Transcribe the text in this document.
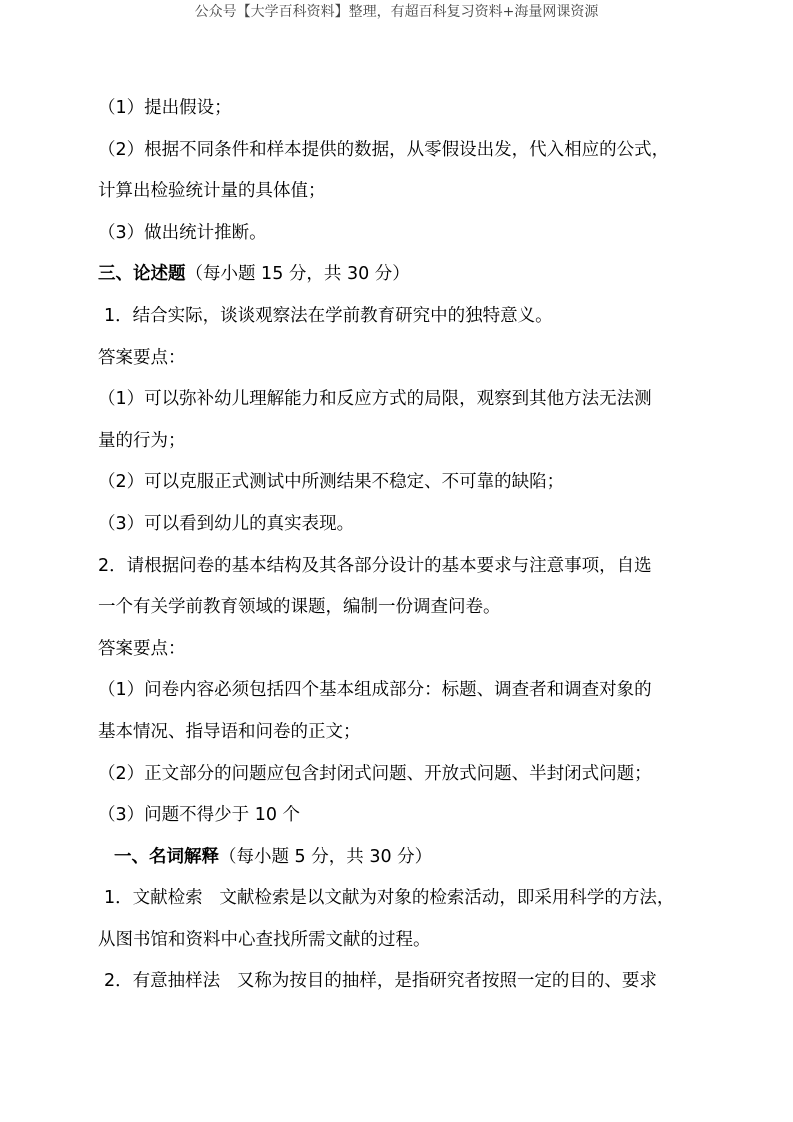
公众号【大学百科资料】整理，有超百科复习资料+海量网课资源
（1）提出假设；
（2）根据不同条件和样本提供的数据，从零假设出发，代入相应的公式，
计算出检验统计量的具体值；
（3）做出统计推断。
三、论述题（每小题 15 分，共 30 分）
1．结合实际，谈谈观察法在学前教育研究中的独特意义。
答案要点：
（1）可以弥补幼儿理解能力和反应方式的局限，观察到其他方法无法测
量的行为；
（2）可以克服正式测试中所测结果不稳定、不可靠的缺陷；
（3）可以看到幼儿的真实表现。
2．请根据问卷的基本结构及其各部分设计的基本要求与注意事项，自选
一个有关学前教育领域的课题，编制一份调查问卷。
答案要点：
（1）问卷内容必须包括四个基本组成部分：标题、调查者和调查对象的
基本情况、指导语和问卷的正文；
（2）正文部分的问题应包含封闭式问题、开放式问题、半封闭式问题；
（3）问题不得少于 10 个
一、名词解释（每小题 5 分，共 30 分）
1．文献检索   文献检索是以文献为对象的检索活动，即采用科学的方法，
从图书馆和资料中心查找所需文献的过程。
2．有意抽样法   又称为按目的抽样，是指研究者按照一定的目的、要求
